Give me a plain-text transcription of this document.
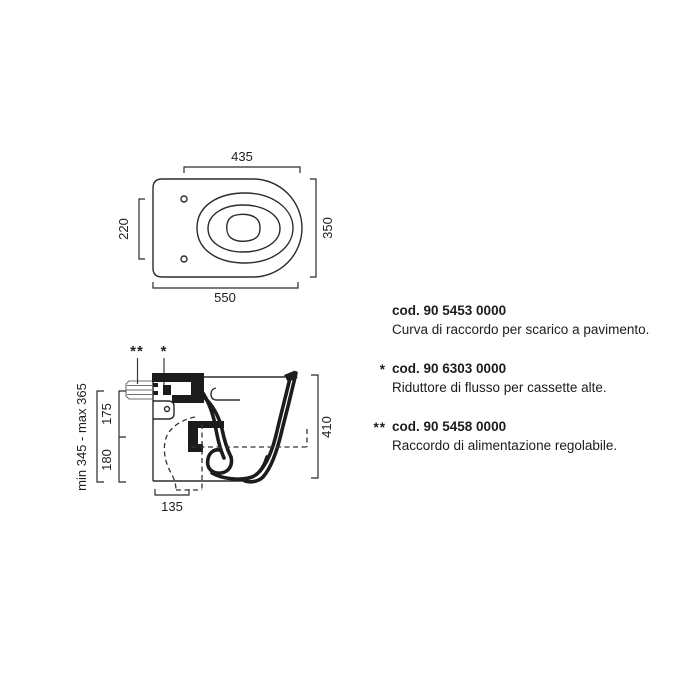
435
220	350
550
** *
min 345 - max 365 175
180
135
410
cod. 90 5453 0000
Curva di raccordo per scarico a pavimento.
* cod. 90 6303 0000
Riduttore di flusso per cassette alte.
** cod. 90 5458 0000
Raccordo di alimentazione regolabile.
